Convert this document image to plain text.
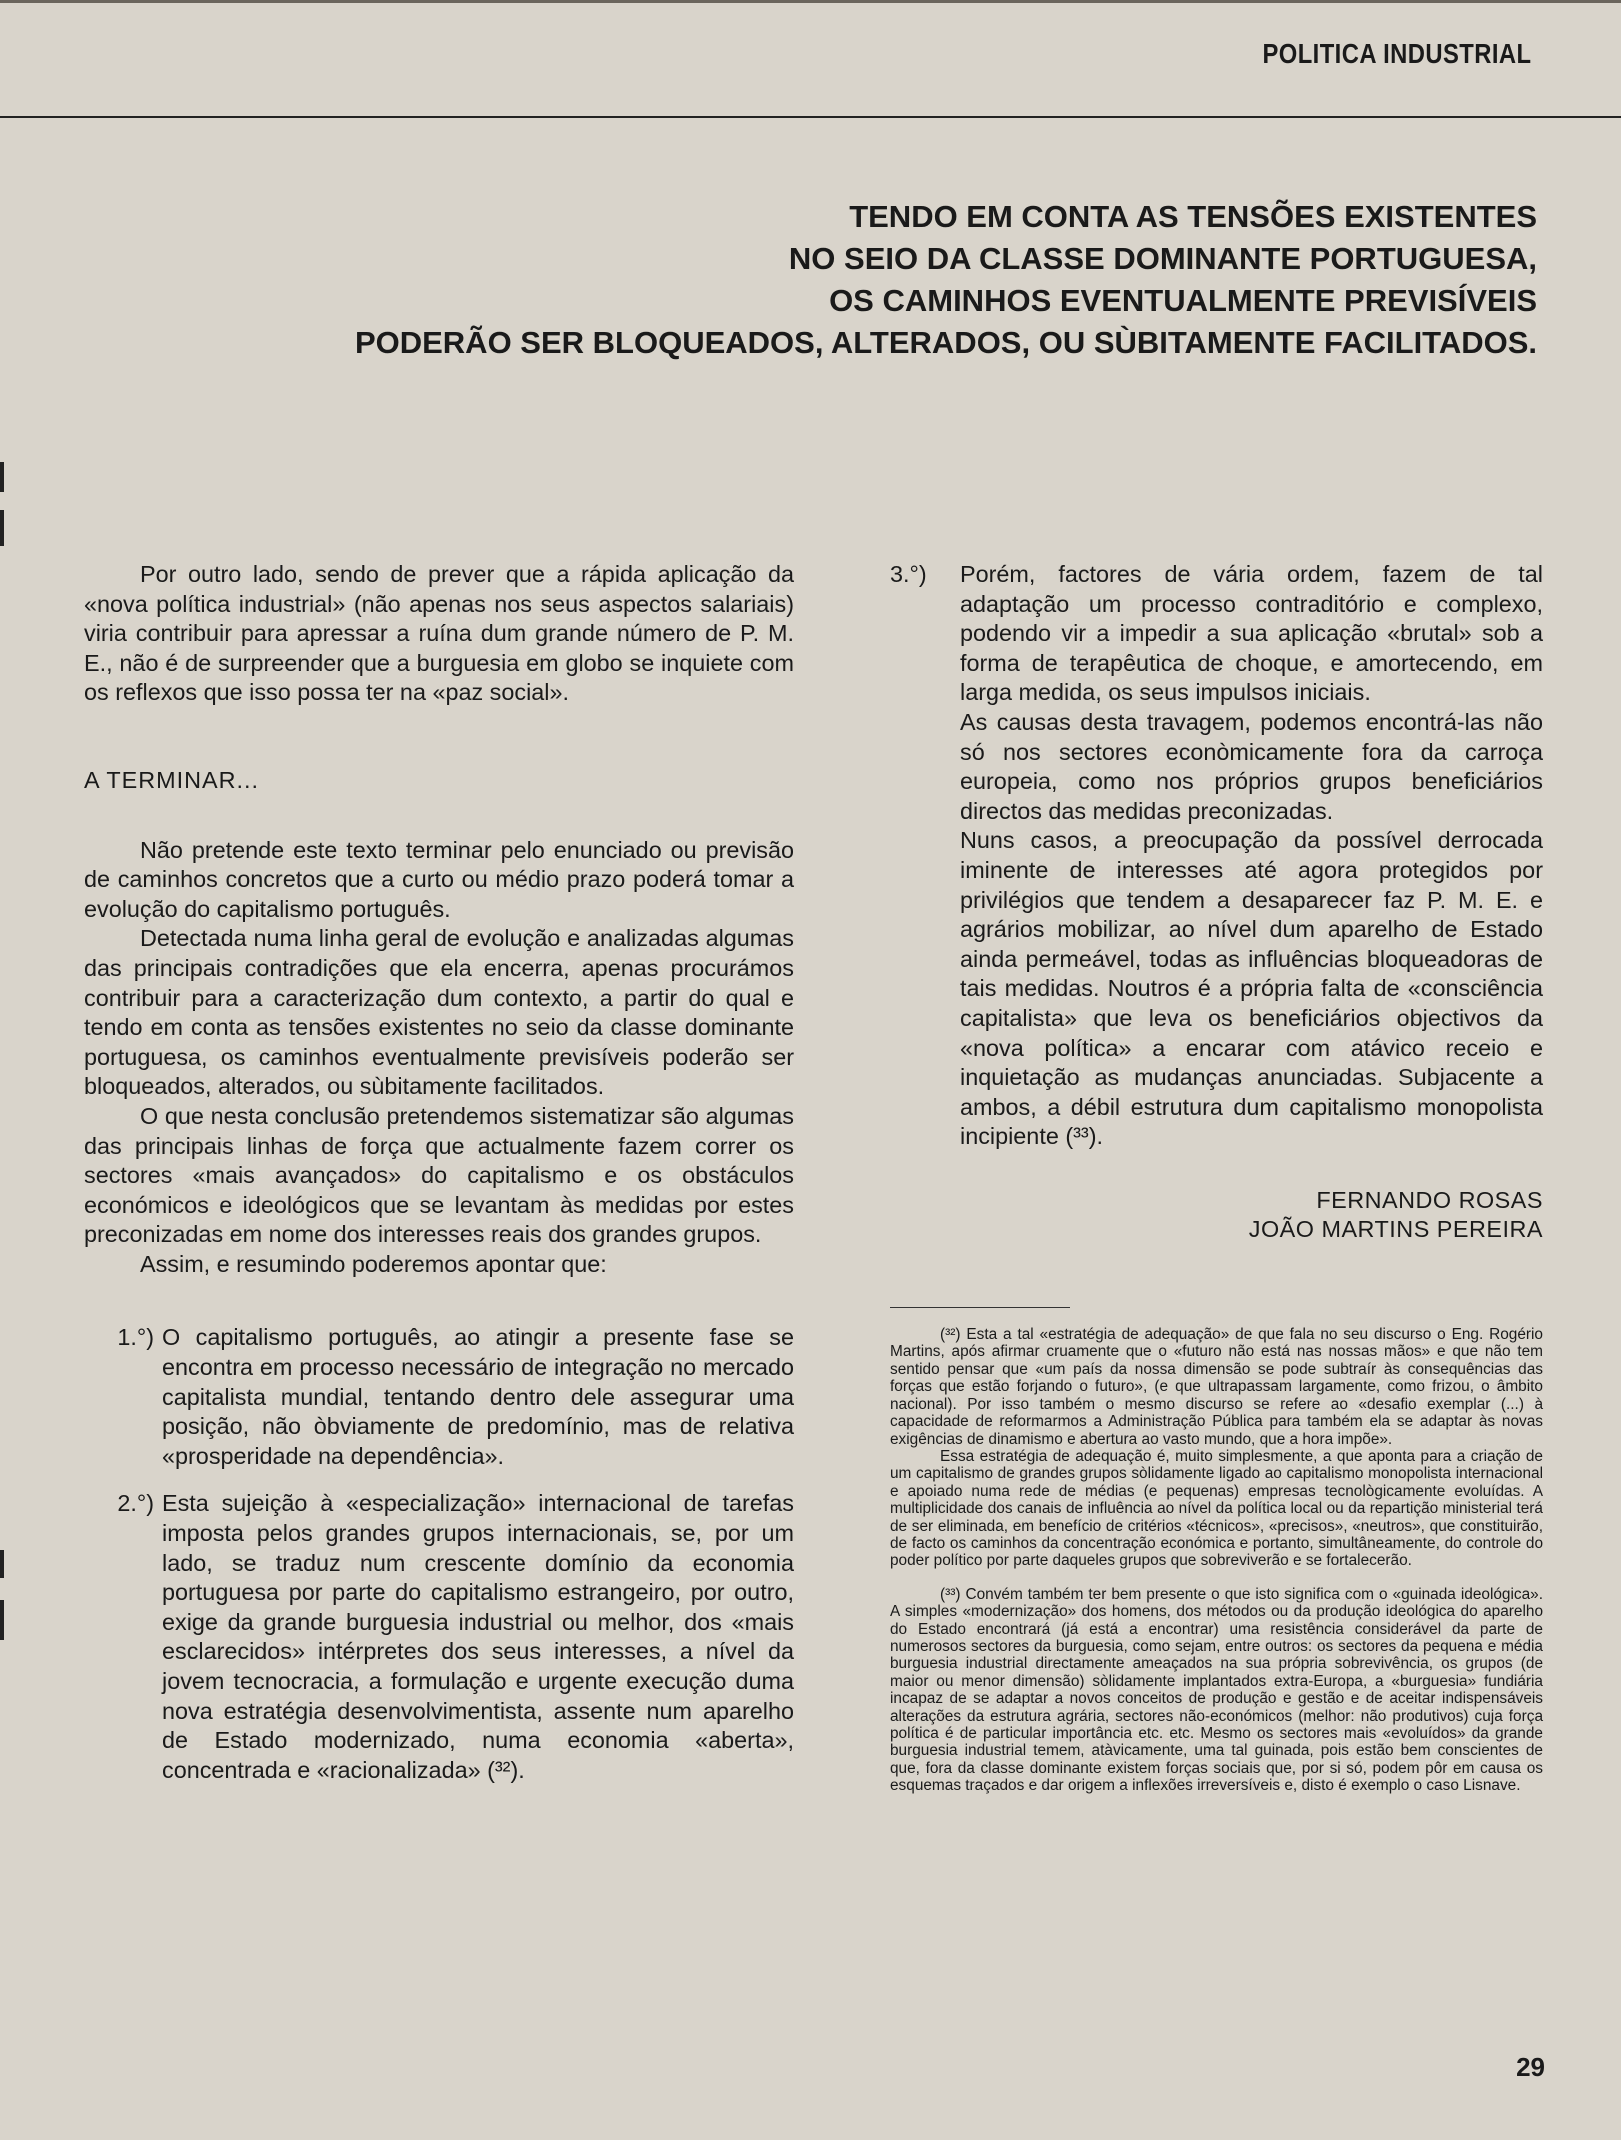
POLITICA INDUSTRIAL
TENDO EM CONTA AS TENSÕES EXISTENTES
NO SEIO DA CLASSE DOMINANTE PORTUGUESA,
OS CAMINHOS EVENTUALMENTE PREVISÍVEIS
PODERÃO SER BLOQUEADOS, ALTERADOS, OU SÙBITAMENTE FACILITADOS.

Por outro lado, sendo de prever que a rápida aplicação da «nova política industrial» (não apenas nos seus aspectos salariais) viria contribuir para apressar a ruína dum grande número de P. M. E., não é de surpreender que a burguesia em globo se inquiete com os reflexos que isso possa ter na «paz social».

A TERMINAR...

Não pretende este texto terminar pelo enunciado ou previsão de caminhos concretos que a curto ou médio prazo poderá tomar a evolução do capitalismo português.

Detectada numa linha geral de evolução e analizadas algumas das principais contradições que ela encerra, apenas procurámos contribuir para a caracterização dum contexto, a partir do qual e tendo em conta as tensões existentes no seio da classe dominante portuguesa, os caminhos eventualmente previsíveis poderão ser bloqueados, alterados, ou sùbitamente facilitados.

O que nesta conclusão pretendemos sistematizar são algumas das principais linhas de força que actualmente fazem correr os sectores «mais avançados» do capitalismo e os obstáculos económicos e ideológicos que se levantam às medidas por estes preconizadas em nome dos interesses reais dos grandes grupos.

Assim, e resumindo poderemos apontar que:

1.°) O capitalismo português, ao atingir a presente fase se encontra em processo necessário de integração no mercado capitalista mundial, tentando dentro dele assegurar uma posição, não òbviamente de predomínio, mas de relativa «prosperidade na dependência».
2.°) Esta sujeição à «especialização» internacional de tarefas imposta pelos grandes grupos internacionais, se, por um lado, se traduz num crescente domínio da economia portuguesa por parte do capitalismo estrangeiro, por outro, exige da grande burguesia industrial ou melhor, dos «mais esclarecidos» intérpretes dos seus interesses, a nível da jovem tecnocracia, a formulação e urgente execução duma nova estratégia desenvolvimentista, assente num aparelho de Estado modernizado, numa economia «aberta», concentrada e «racionalizada» (³²).
3.°)	Porém, factores de vária ordem, fazem de tal adaptação um processo contraditório e complexo, podendo vir a impedir a sua aplicação «brutal» sob a forma de terapêutica de choque, e amortecendo, em larga medida, os seus impulsos iniciais.

As causas desta travagem, podemos encontrá-las não só nos sectores econòmicamente fora da carroça europeia, como nos próprios grupos beneficiários directos das medidas preconizadas.

Nuns casos, a preocupação da possível derrocada iminente de interesses até agora protegidos por privilégios que tendem a desaparecer faz P. M. E. e agrários mobilizar, ao nível dum aparelho de Estado ainda permeável, todas as influências bloqueadoras de tais medidas. Noutros é a própria falta de «consciência capitalista» que leva os beneficiários objectivos da «nova política» a encarar com atávico receio e inquietação as mudanças anunciadas. Subjacente a ambos, a débil estrutura dum capitalismo monopolista incipiente (³³).

FERNANDO ROSAS
JOÃO MARTINS PEREIRA

(³²) Esta a tal «estratégia de adequação» de que fala no seu discurso o Eng. Rogério Martins, após afirmar cruamente que o «futuro não está nas nossas mãos» e que não tem sentido pensar que «um país da nossa dimensão se pode subtraír às consequências das forças que estão forjando o futuro», (e que ultrapassam largamente, como frizou, o âmbito nacional). Por isso também o mesmo discurso se refere ao «desafio exemplar (...) à capacidade de reformarmos a Administração Pública para também ela se adaptar às novas exigências de dinamismo e abertura ao vasto mundo, que a hora impõe».

Essa estratégia de adequação é, muito simplesmente, a que aponta para a criação de um capitalismo de grandes grupos sòlidamente ligado ao capitalismo monopolista internacional e apoiado numa rede de médias (e pequenas) empresas tecnològicamente evoluídas. A multiplicidade dos canais de influência ao nível da política local ou da repartição ministerial terá de ser eliminada, em benefício de critérios «técnicos», «precisos», «neutros», que constituirão, de facto os caminhos da concentração económica e portanto, simultâneamente, do controle do poder político por parte daqueles grupos que sobreviverão e se fortalecerão.

(³³) Convém também ter bem presente o que isto significa com o «guinada ideológica». A simples «modernização» dos homens, dos métodos ou da produção ideológica do aparelho do Estado encontrará (já está a encontrar) uma resistência considerável da parte de numerosos sectores da burguesia, como sejam, entre outros: os sectores da pequena e média burguesia industrial directamente ameaçados na sua própria sobrevivência, os grupos (de maior ou menor dimensão) sòlidamente implantados extra-Europa, a «burguesia» fundiária incapaz de se adaptar a novos conceitos de produção e gestão e de aceitar indispensáveis alterações da estrutura agrária, sectores não-económicos (melhor: não produtivos) cuja força política é de particular importância etc. etc. Mesmo os sectores mais «evoluídos» da grande burguesia industrial temem, atàvicamente, uma tal guinada, pois estão bem conscientes de que, fora da classe dominante existem forças sociais que, por si só, podem pôr em causa os esquemas traçados e dar origem a inflexões irreversíveis e, disto é exemplo o caso Lisnave.

29
